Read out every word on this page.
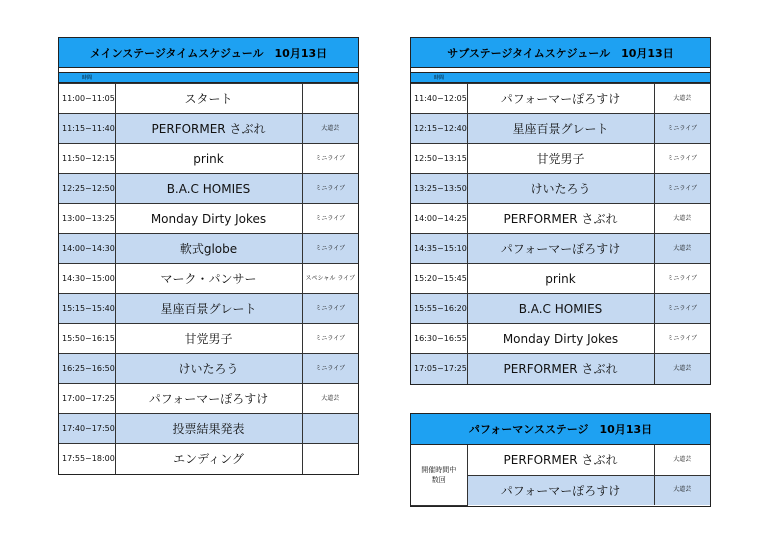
メインステージタイムスケジュール　10月13日
時間
11:00−11:05	スタート	
11:15−11:40	PERFORMER さぶれ	大道芸
11:50−12:15	prink	ミニライブ
12:25−12:50	B.A.C HOMIES	ミニライブ
13:00−13:25	Monday Dirty Jokes	ミニライブ
14:00−14:30	軟式globe	ミニライブ
14:30−15:00	マーク・パンサー	スペシャル ライブ
15:15−15:40	星座百景グレート	ミニライブ
15:50−16:15	甘党男子	ミニライブ
16:25−16:50	けいたろう	ミニライブ
17:00−17:25	パフォーマーぽろすけ	大道芸
17:40−17:50	投票結果発表	
17:55−18:00	エンディング	
サブステージタイムスケジュール　10月13日
時間
11:40−12:05	パフォーマーぽろすけ	大道芸
12:15−12:40	星座百景グレート	ミニライブ
12:50−13:15	甘党男子	ミニライブ
13:25−13:50	けいたろう	ミニライブ
14:00−14:25	PERFORMER さぶれ	大道芸
14:35−15:10	パフォーマーぽろすけ	大道芸
15:20−15:45	prink	ミニライブ
15:55−16:20	B.A.C HOMIES	ミニライブ
16:30−16:55	Monday Dirty Jokes	ミニライブ
17:05−17:25	PERFORMER さぶれ	大道芸
パフォーマンスステージ　10月13日
開催時間中
数回	PERFORMER さぶれ	大道芸
	パフォーマーぽろすけ	大道芸
